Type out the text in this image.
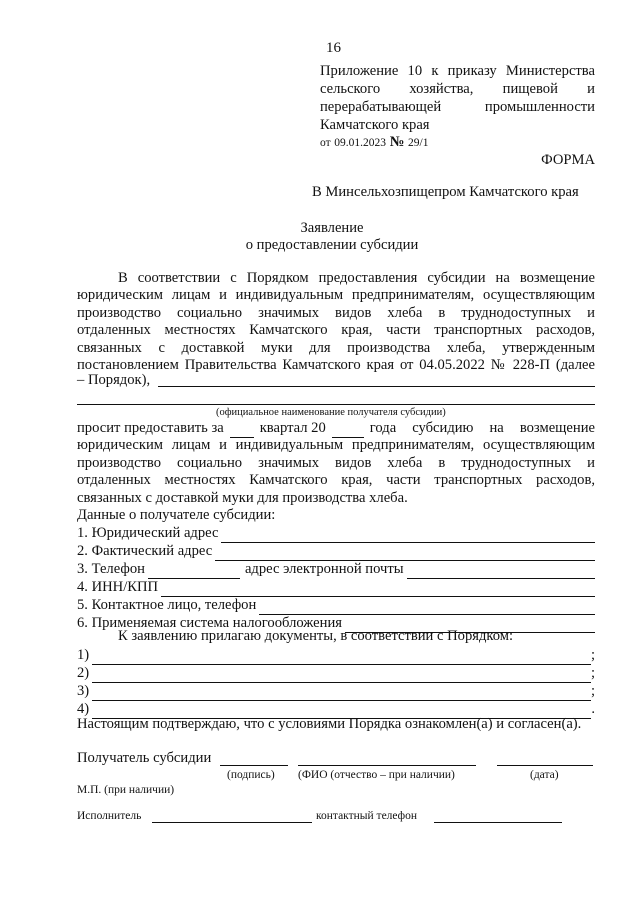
16
Приложение 10 к приказу Министерства
сельского хозяйства, пищевой и
перерабатывающей промышленности
Камчатского края
от 09.01.2023 № 29/1
ФОРМА
В Минсельхозпищепром Камчатского края
Заявление
о предоставлении субсидии
В соответствии с Порядком предоставления субсидии на возмещение
юридическим лицам и индивидуальным предпринимателям, осуществляющим
производство социально значимых видов хлеба в труднодоступных и
отдаленных местностях Камчатского края, части транспортных расходов,
связанных с доставкой муки для производства хлеба, утвержденным
постановлением Правительства Камчатского края от 04.05.2022 № 228-П (далее
– Порядок),
(официальное наименование получателя субсидии)
просит предоставить за квартал 20	года субсидию на возмещение
юридическим лицам и индивидуальным предпринимателям, осуществляющим
производство социально значимых видов хлеба в труднодоступных и
отдаленных местностях Камчатского края, части транспортных расходов,
связанных с доставкой муки для производства хлеба.
Данные о получателе субсидии:
1. Юридический адрес
2. Фактический адрес
3. Телефон	адрес электронной почты
4. ИНН/КПП
5. Контактное лицо, телефон
6. Применяемая система налогообложения
К заявлению прилагаю документы, в соответствии с Порядком:
1)	;
2)	;
3)	;
4)	.
Настоящим подтверждаю, что с условиями Порядка ознакомлен(а) и согласен(а).
Получатель субсидии
(подпись) (ФИО (отчество – при наличии)	(дата)
М.П. (при наличии)
Исполнитель	контактный телефон
